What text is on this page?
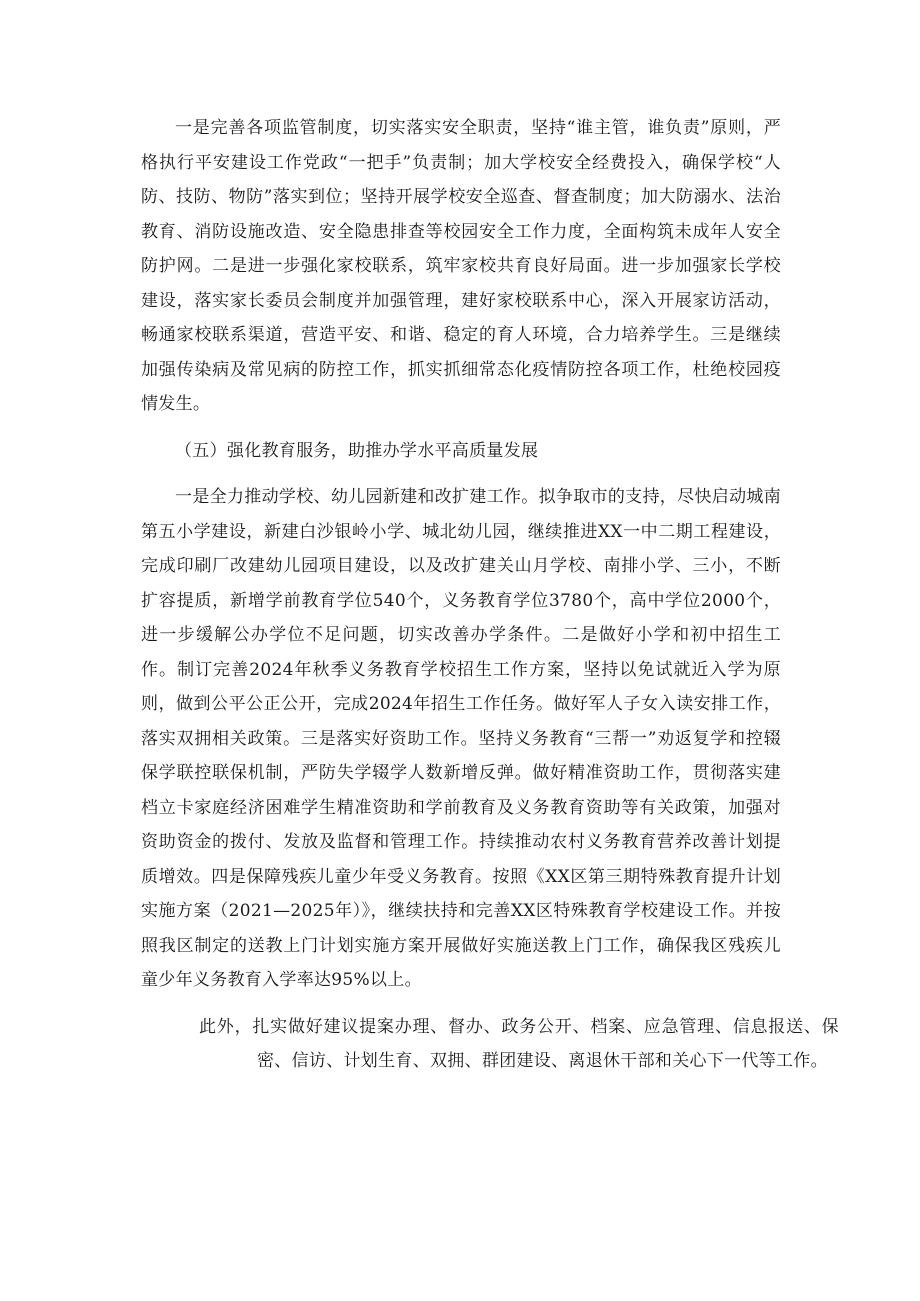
一是完善各项监管制度，切实落实安全职责，坚持“谁主管，谁负责”原则，严格执行平安建设工作党政“一把手”负责制；加大学校安全经费投入，确保学校“人防、技防、物防”落实到位；坚持开展学校安全巡查、督查制度；加大防溺水、法治教育、消防设施改造、安全隐患排查等校园安全工作力度，全面构筑未成年人安全防护网。二是进一步强化家校联系，筑牢家校共育良好局面。进一步加强家长学校建设，落实家长委员会制度并加强管理，建好家校联系中心，深入开展家访活动，畅通家校联系渠道，营造平安、和谐、稳定的育人环境，合力培养学生。三是继续加强传染病及常见病的防控工作，抓实抓细常态化疫情防控各项工作，杜绝校园疫情发生。

（五）强化教育服务，助推办学水平高质量发展

一是全力推动学校、幼儿园新建和改扩建工作。拟争取市的支持，尽快启动城南第五小学建设，新建白沙银岭小学、城北幼儿园，继续推进XX一中二期工程建设，完成印刷厂改建幼儿园项目建设，以及改扩建关山月学校、南排小学、三小，不断扩容提质，新增学前教育学位540个，义务教育学位3780个，高中学位2000个，进一步缓解公办学位不足问题，切实改善办学条件。二是做好小学和初中招生工作。制订完善2024年秋季义务教育学校招生工作方案，坚持以免试就近入学为原则，做到公平公正公开，完成2024年招生工作任务。做好军人子女入读安排工作，落实双拥相关政策。三是落实好资助工作。坚持义务教育“三帮一”劝返复学和控辍保学联控联保机制，严防失学辍学人数新增反弹。做好精准资助工作，贯彻落实建档立卡家庭经济困难学生精准资助和学前教育及义务教育资助等有关政策，加强对资助资金的拨付、发放及监督和管理工作。持续推动农村义务教育营养改善计划提质增效。四是保障残疾儿童少年受义务教育。按照《XX区第三期特殊教育提升计划实施方案（2021—2025年）》，继续扶持和完善XX区特殊教育学校建设工作。并按照我区制定的送教上门计划实施方案开展做好实施送教上门工作，确保我区残疾儿童少年义务教育入学率达95%以上。

此外，扎实做好建议提案办理、督办、政务公开、档案、应急管理、信息报送、保密、信访、计划生育、双拥、群团建设、离退休干部和关心下一代等工作。
